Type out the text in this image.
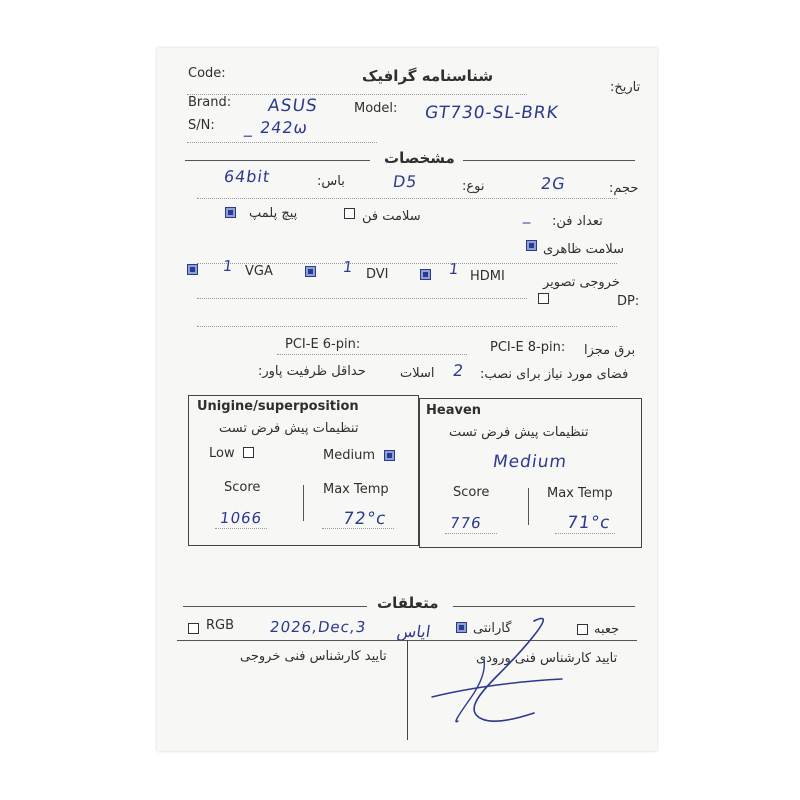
Code:	شناسنامه گرافیک
تاریخ:
Brand: ASUS	Model: GT730-SL-BRK
S/N: _ 242ω
مشخصات
64bit	باس:	D5	نوع:	2G	حجم:
پیچ پلمپ	سلامت فن	_ تعداد فن:
سلامت ظاهری
1 VGA	1 DVI	1 HDMI	خروجی تصویر
DP:
PCI-E 6-pin:	PCI-E 8-pin: برق مجزا
حداقل ظرفیت پاور:	اسلات 2 فضای مورد نیاز برای نصب:
Unigine/superposition
تنظیمات پیش فرض تست
Low	Medium
Score	Max Temp
1066	72°c
Heaven
تنظیمات پیش فرض تست
Medium
Score	Max Temp
776	71°c
متعلقات
RGB 2026,Dec,3 ایاس	گارانتی	جعبه
تایید کارشناس فنی خروجی	تایید کارشناس فنی ورودی
